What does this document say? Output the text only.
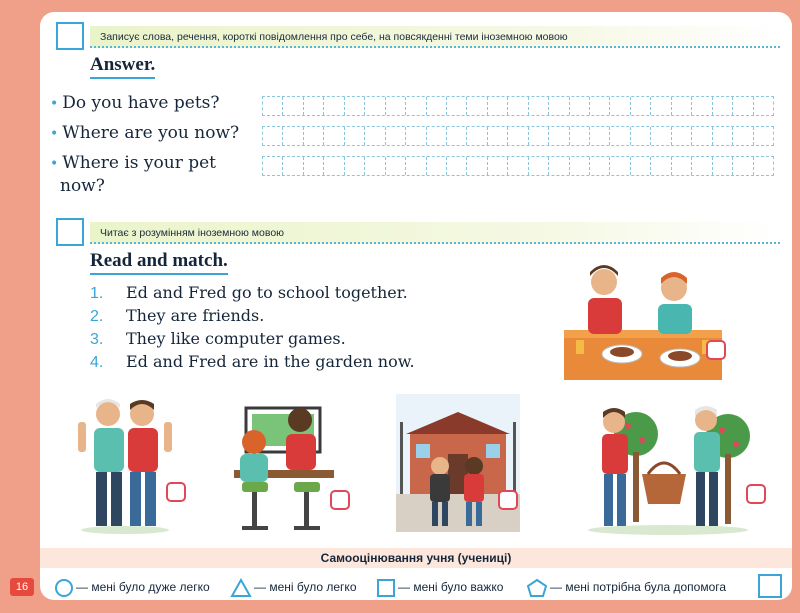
Записує слова, речення, короткі повідомлення про себе, на повсякденні теми іноземною мовою
Answer.
• Do you have pets?
• Where are you now?
• Where is your pet
now?
Читає з розумінням іноземною мовою
Read and match.
1. Ed and Fred go to school together.
2. They are friends.
3. They like computer games.
4. Ed and Fred are in the garden now.
Самооцінювання учня (учениці)
— мені було дуже легко	— мені було легко	— мені було важко	— мені потрібна була допомога
16
